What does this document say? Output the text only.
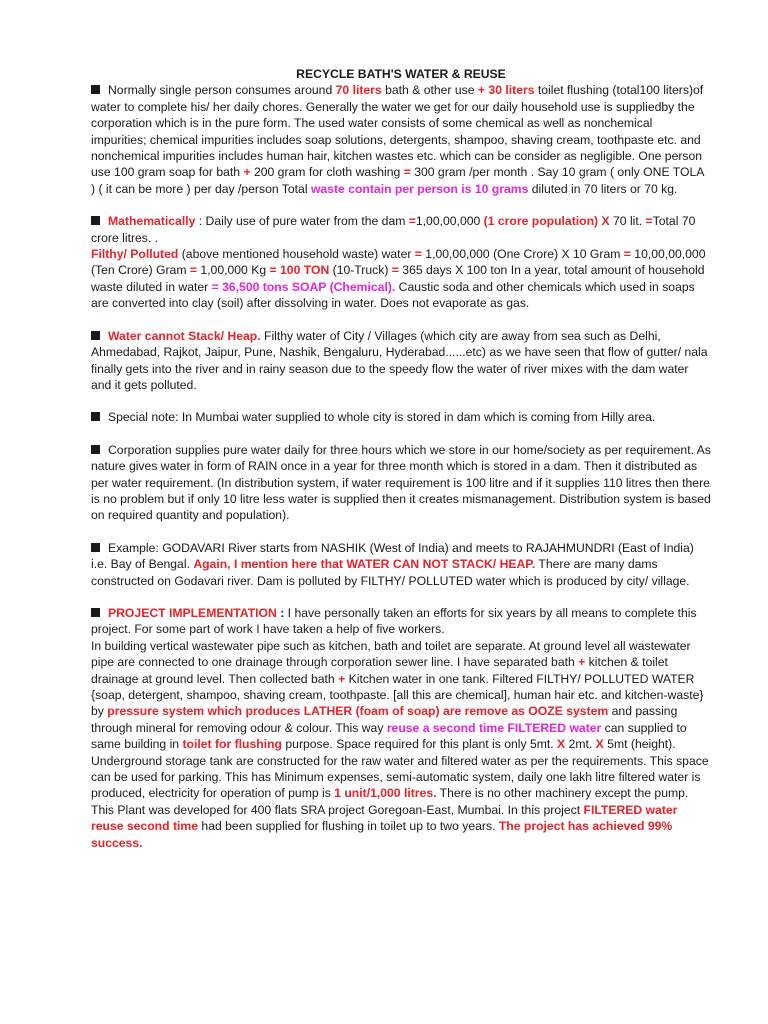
RECYCLE BATH'S WATER & REUSE
Normally single person consumes around 70 liters bath & other use + 30 liters toilet flushing (total100 liters)of water to complete his/ her daily chores. Generally the water we get for our daily household use is suppliedby the corporation which is in the pure form. The used water consists of some chemical as well as nonchemical impurities; chemical impurities includes soap solutions, detergents, shampoo, shaving cream, toothpaste etc. and nonchemical impurities includes human hair, kitchen wastes etc. which can be consider as negligible. One person use 100 gram soap for bath + 200 gram for cloth washing = 300 gram /per month . Say 10 gram ( only ONE TOLA ) ( it can be more ) per day /person Total waste contain per person is 10 grams diluted in 70 liters or 70 kg.
Mathematically : Daily use of pure water from the dam =1,00,00,000 (1 crore population) X 70 lit. =Total 70 crore litres. .
Filthy/ Polluted (above mentioned household waste) water = 1,00,00,000 (One Crore) X 10 Gram = 10,00,00,000 (Ten Crore) Gram = 1,00,000 Kg = 100 TON (10-Truck) = 365 days X 100 ton In a year, total amount of household waste diluted in water = 36,500 tons SOAP (Chemical). Caustic soda and other chemicals which used in soaps are converted into clay (soil) after dissolving in water. Does not evaporate as gas.
Water cannot Stack/ Heap. Filthy water of City / Villages (which city are away from sea such as Delhi, Ahmedabad, Rajkot, Jaipur, Pune, Nashik, Bengaluru, Hyderabad......etc) as we have seen that flow of gutter/ nala finally gets into the river and in rainy season due to the speedy flow the water of river mixes with the dam water and it gets polluted.
Special note: In Mumbai water supplied to whole city is stored in dam which is coming from Hilly area.
Corporation supplies pure water daily for three hours which we store in our home/society as per requirement. As nature gives water in form of RAIN once in a year for three month which is stored in a dam. Then it distributed as per water requirement. (In distribution system, if water requirement is 100 litre and if it supplies 110 litres then there is no problem but if only 10 litre less water is supplied then it creates mismanagement. Distribution system is based on required quantity and population).
Example: GODAVARI River starts from NASHIK (West of India) and meets to RAJAHMUNDRI (East of India) i.e. Bay of Bengal. Again, I mention here that WATER CAN NOT STACK/ HEAP. There are many dams constructed on Godavari river. Dam is polluted by FILTHY/ POLLUTED water which is produced by city/ village.
PROJECT IMPLEMENTATION : I have personally taken an efforts for six years by all means to complete this project. For some part of work I have taken a help of five workers.
In building vertical wastewater pipe such as kitchen, bath and toilet are separate. At ground level all wastewater pipe are connected to one drainage through corporation sewer line. I have separated bath + kitchen & toilet drainage at ground level. Then collected bath + Kitchen water in one tank. Filtered FILTHY/ POLLUTED WATER {soap, detergent, shampoo, shaving cream, toothpaste. [all this are chemical], human hair etc. and kitchen-waste} by pressure system which produces LATHER (foam of soap) are remove as OOZE system and passing through mineral for removing odour & colour. This way reuse a second time FILTERED water can supplied to same building in toilet for flushing purpose. Space required for this plant is only 5mt. X 2mt. X 5mt (height). Underground storage tank are constructed for the raw water and filtered water as per the requirements. This space can be used for parking. This has Minimum expenses, semi-automatic system, daily one lakh litre filtered water is produced, electricity for operation of pump is 1 unit/1,000 litres. There is no other machinery except the pump. This Plant was developed for 400 flats SRA project Goregoan-East, Mumbai. In this project FILTERED water reuse second time had been supplied for flushing in toilet up to two years. The project has achieved 99% success.
